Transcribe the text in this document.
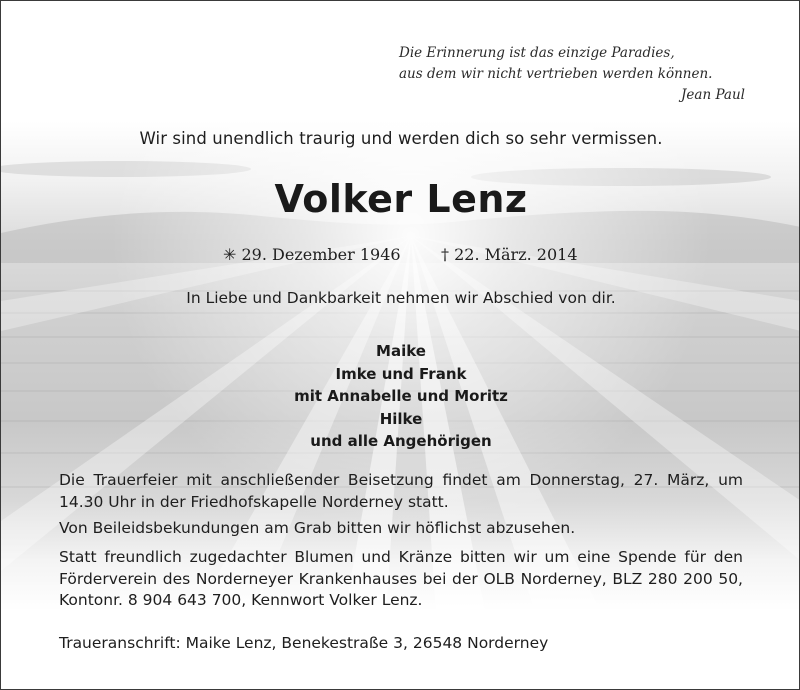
Die Erinnerung ist das einzige Paradies,

aus dem wir nicht vertrieben werden können.

Jean Paul

Wir sind unendlich traurig und werden dich so sehr vermissen.
Volker Lenz
✳ 29. Dezember 1946	† 22. März. 2014
In Liebe und Dankbarkeit nehmen wir Abschied von dir.
Maike
Imke und Frank
mit Annabelle und Moritz
Hilke
und alle Angehörigen

Die Trauerfeier mit anschließender Beisetzung findet am Donnerstag, 27. März, um 14.30 Uhr in der Friedhofskapelle Norderney statt.

Von Beileidsbekundungen am Grab bitten wir höflichst abzusehen.

Statt freundlich zugedachter Blumen und Kränze bitten wir um eine Spende für den Förderverein des Norderneyer Krankenhauses bei der OLB Norderney, BLZ 280 200 50, Kontonr. 8 904 643 700, Kennwort Volker Lenz.

Traueranschrift: Maike Lenz, Benekestraße 3, 26548 Norderney
